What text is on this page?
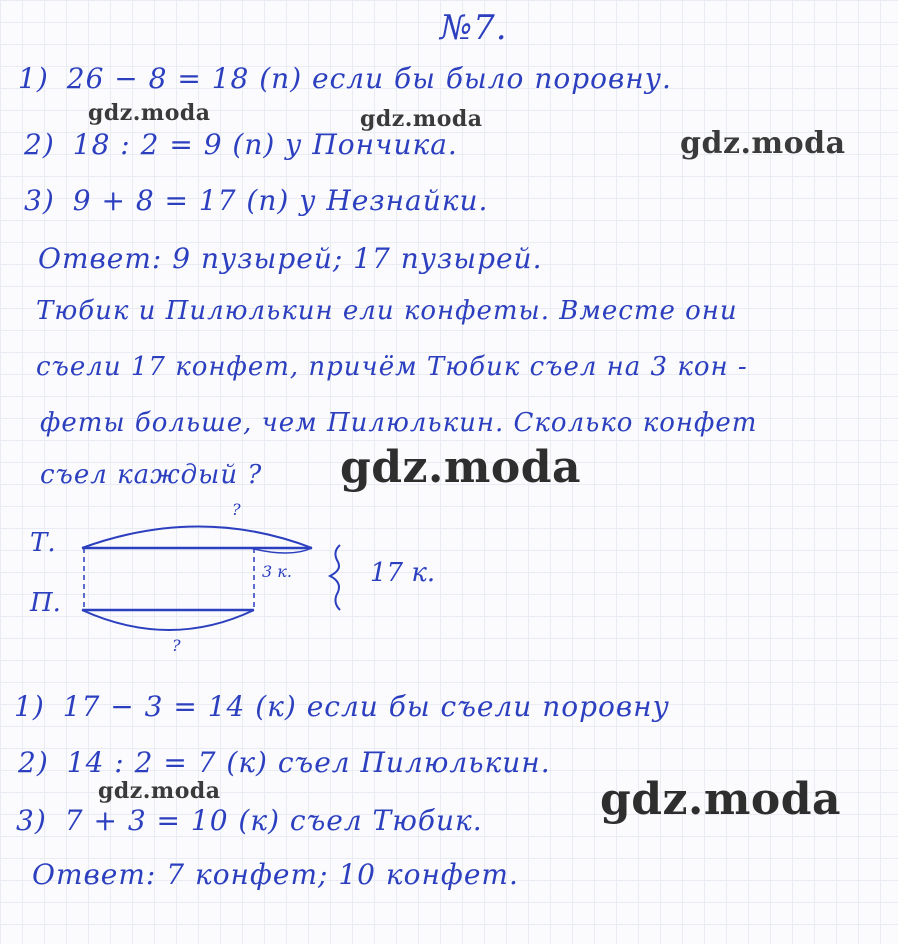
№7.
1) 26 − 8 = 18 (п) если бы было поровну.
2) 18 : 2 = 9 (п) у Пончика.
3) 9 + 8 = 17 (п) у Незнайки.
Ответ: 9 пузырей; 17 пузырей.
Тюбик и Пилюлькин ели конфеты. Вместе они
съели 17 конфет, причём Тюбик съел на 3 кон -
феты больше, чем Пилюлькин. Сколько конфет
съел каждый ?
Т.
П.
?
?
3 к.	17 к.
1) 17 − 3 = 14 (к) если бы съели поровну
2) 14 : 2 = 7 (к) съел Пилюлькин.
3) 7 + 3 = 10 (к) съел Тюбик.
Ответ: 7 конфет; 10 конфет.
gdz.moda	gdz.moda
gdz.moda
gdz.moda
gdz.moda	gdz.moda
